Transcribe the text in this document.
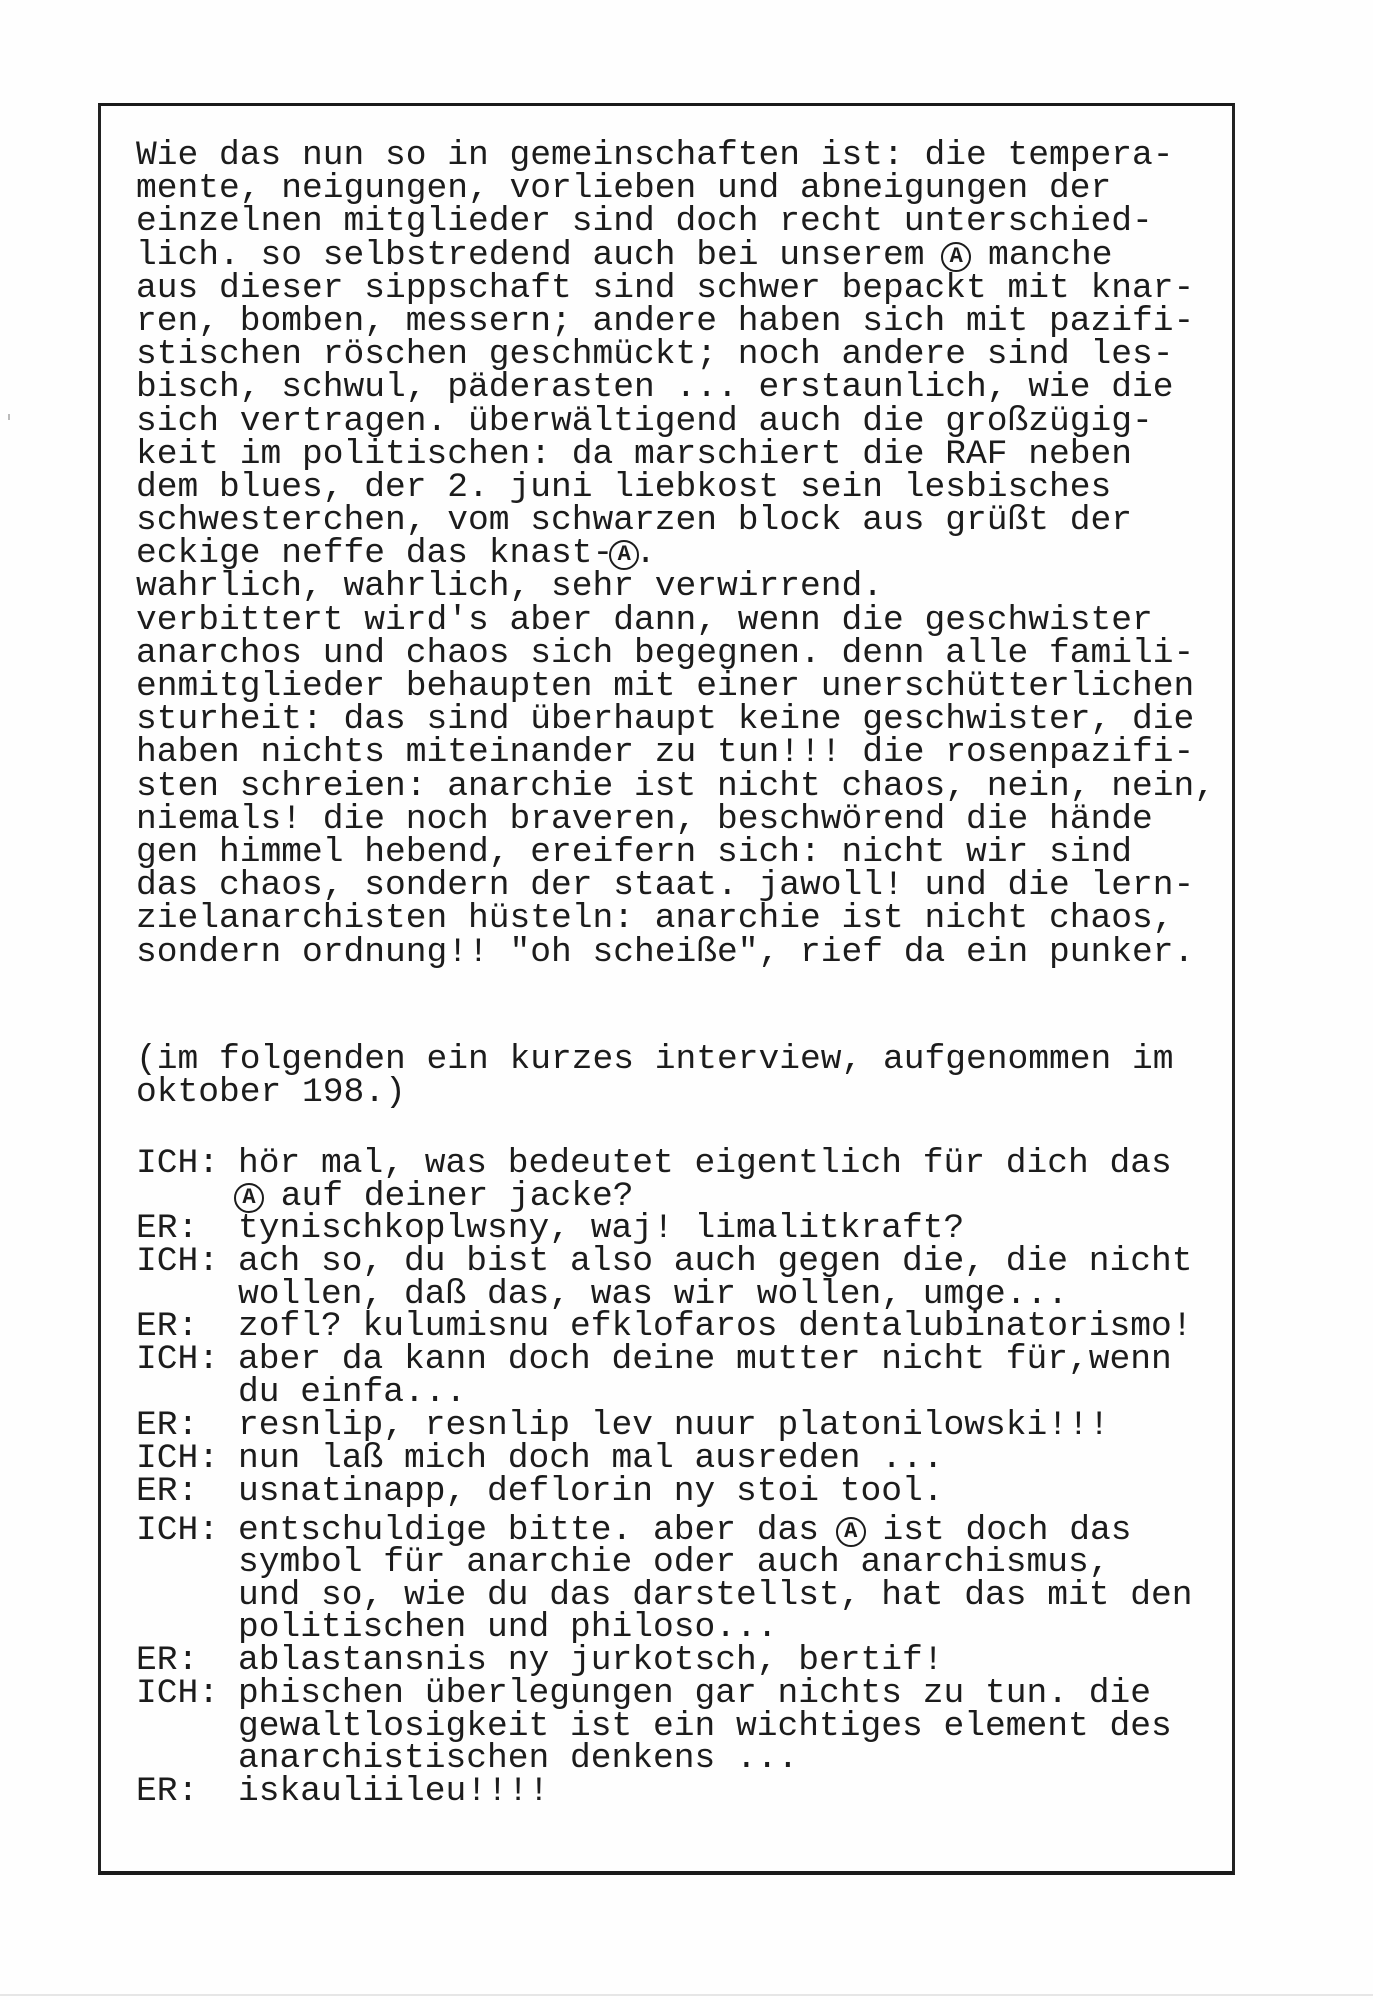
Wie das nun so in gemeinschaften ist: die tempera-
mente, neigungen, vorlieben und abneigungen der
einzelnen mitglieder sind doch recht unterschied-
lich. so selbstredend auch bei unserem A manche
aus dieser sippschaft sind schwer bepackt mit knar-
ren, bomben, messern; andere haben sich mit pazifi-
stischen röschen geschmückt; noch andere sind les-
bisch, schwul, päderasten ... erstaunlich, wie die
sich vertragen. überwältigend auch die großzügig-
keit im politischen: da marschiert die RAF neben
dem blues, der 2. juni liebkost sein lesbisches
schwesterchen, vom schwarzen block aus grüßt der
eckige neffe das knast- A .
wahrlich, wahrlich, sehr verwirrend.
verbittert wird's aber dann, wenn die geschwister
anarchos und chaos sich begegnen. denn alle famili-
enmitglieder behaupten mit einer unerschütterlichen
sturheit: das sind überhaupt keine geschwister, die
haben nichts miteinander zu tun!!! die rosenpazifi-
sten schreien: anarchie ist nicht chaos, nein, nein,
niemals! die noch braveren, beschwörend die hände
gen himmel hebend, ereifern sich: nicht wir sind
das chaos, sondern der staat. jawoll! und die lern-
zielanarchisten hüsteln: anarchie ist nicht chaos,
sondern ordnung!! "oh scheiße", rief da ein punker.
(im folgenden ein kurzes interview, aufgenommen im
oktober 198.)
ICH: hör mal, was bedeutet eigentlich für dich das
A auf deiner jacke?
ER:	tynischkoplwsny, waj! limalitkraft?
ICH: ach so, du bist also auch gegen die, die nicht
wollen, daß das, was wir wollen, umge...
ER:	zofl? kulumisnu efklofaros dentalubinatorismo!
ICH: aber da kann doch deine mutter nicht für,wenn
du einfa...
ER:	resnlip, resnlip lev nuur platonilowski!!!
ICH: nun laß mich doch mal ausreden ...
ER:	usnatinapp, deflorin ny stoi tool.
ICH: entschuldige bitte. aber das A ist doch das
symbol für anarchie oder auch anarchismus,
und so, wie du das darstellst, hat das mit den
politischen und philoso...
ER:	ablastansnis ny jurkotsch, bertif!
ICH: phischen überlegungen gar nichts zu tun. die
gewaltlosigkeit ist ein wichtiges element des
anarchistischen denkens ...
ER:	iskauliileu!!!!
